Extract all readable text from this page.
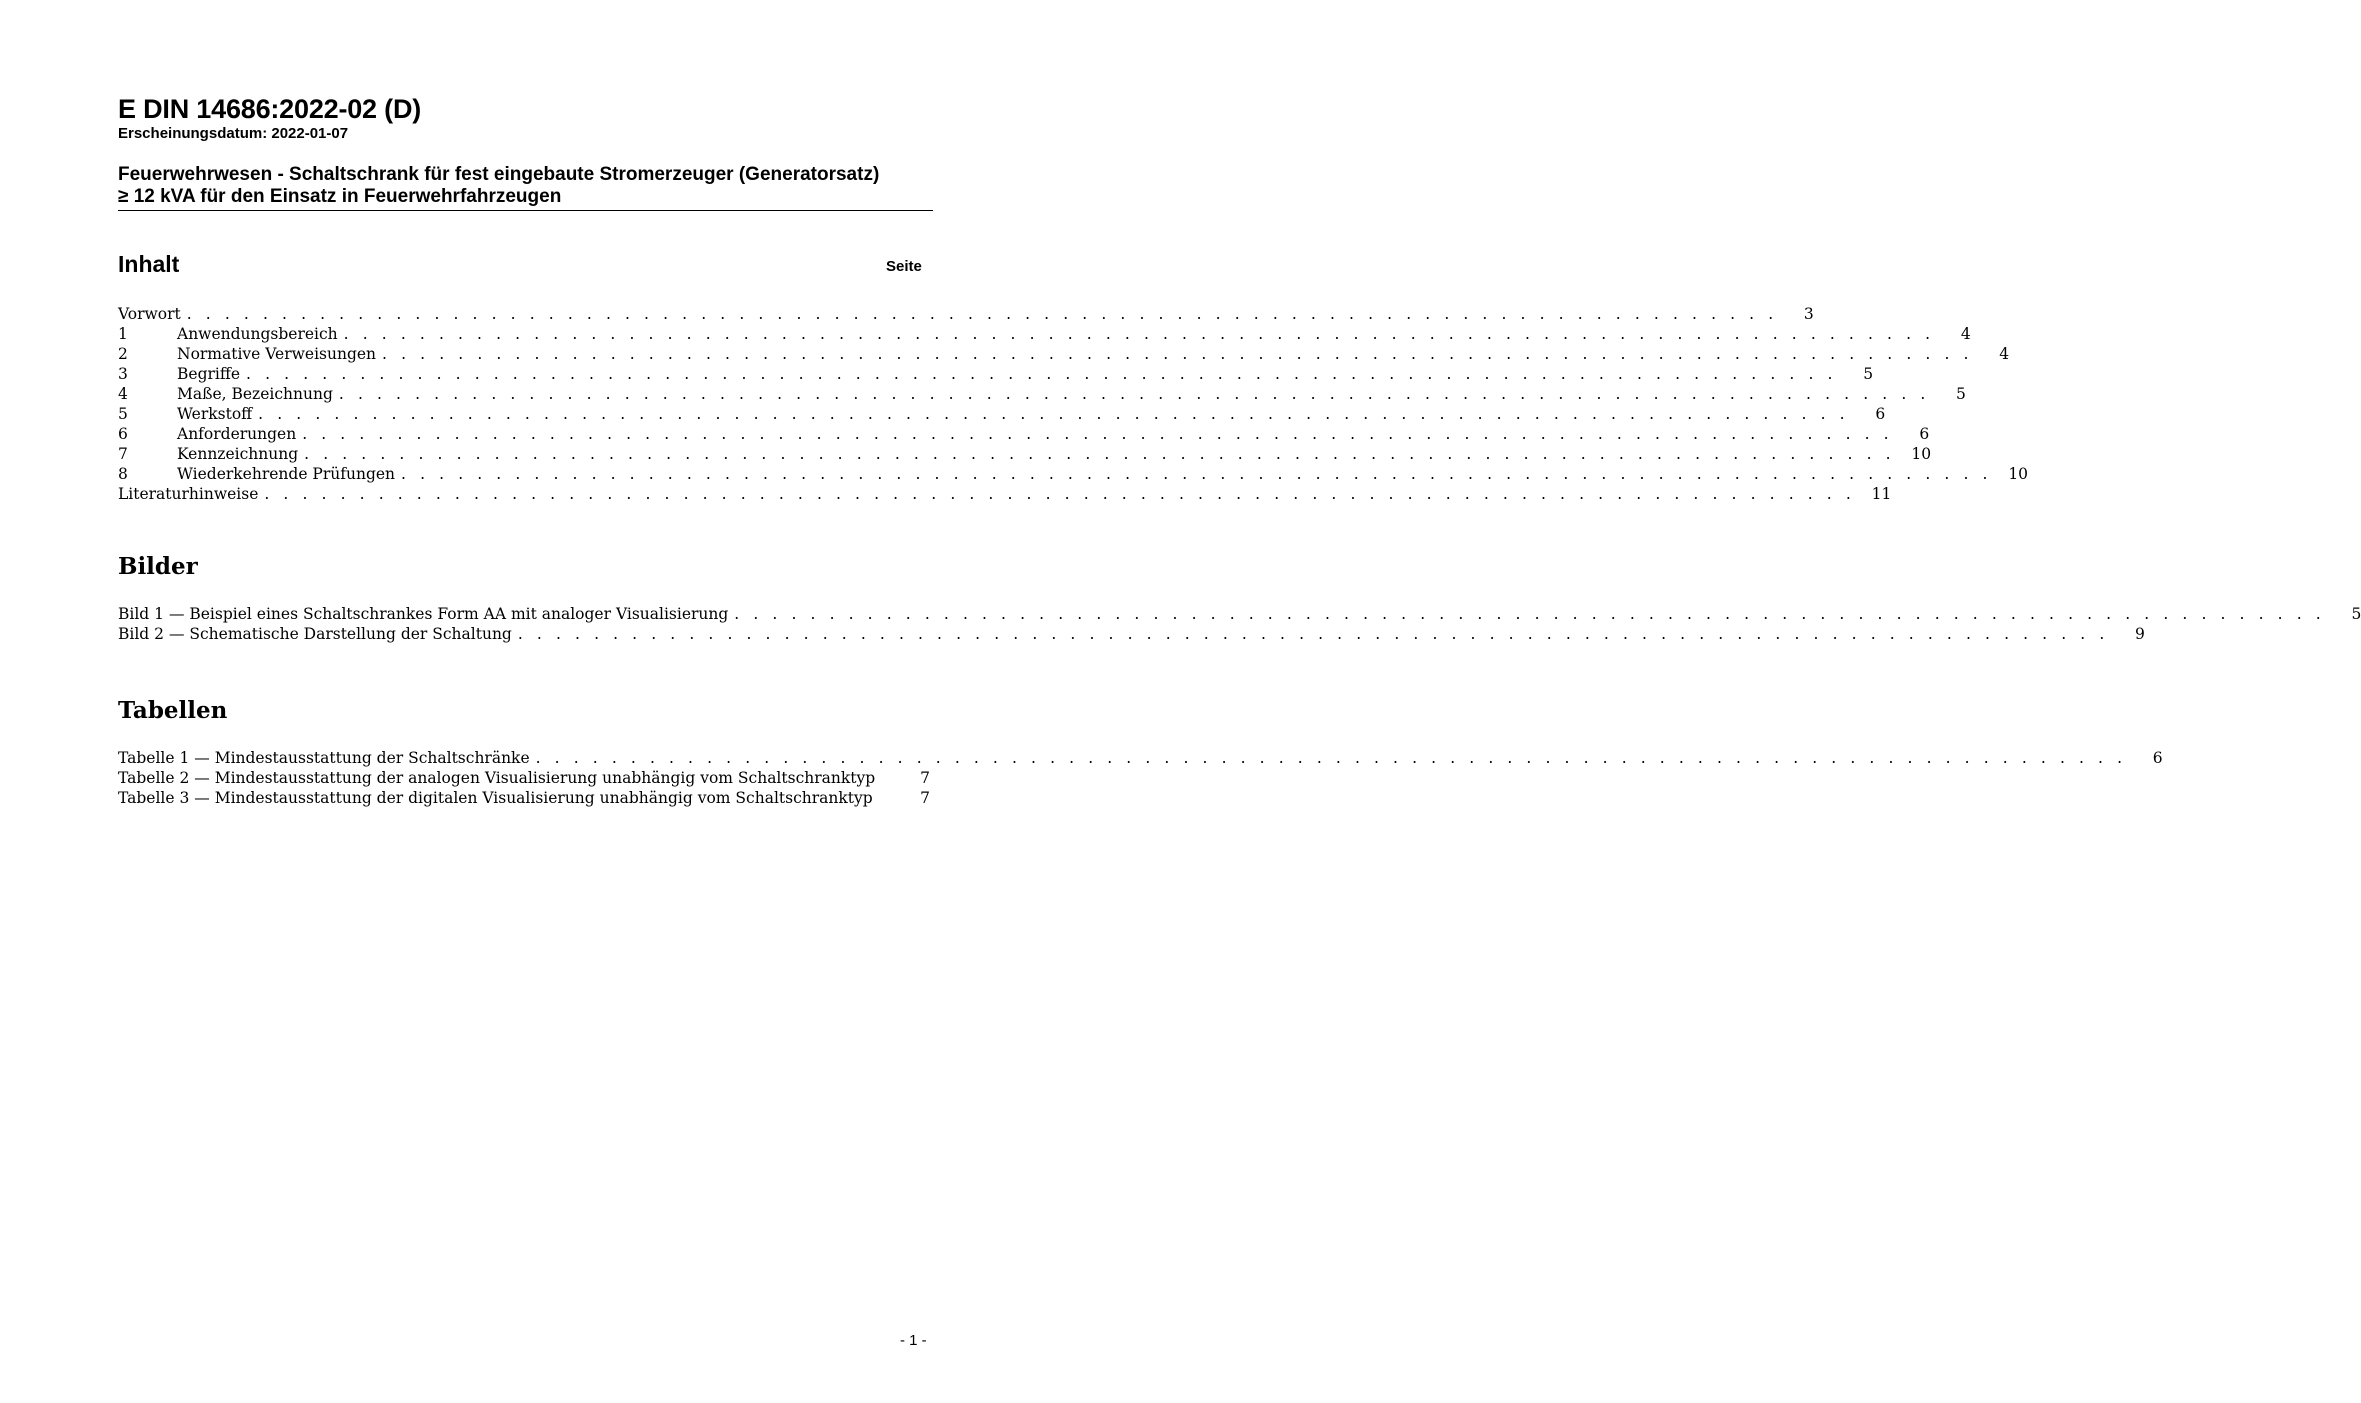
E DIN 14686:2022-02 (D)
Erscheinungsdatum: 2022-01-07
Feuerwehrwesen - Schaltschrank für fest eingebaute Stromerzeuger (Generatorsatz)
≥ 12 kVA für den Einsatz in Feuerwehrfahrzeugen
Inhalt	Seite
Vorwort . . . . . . . . . . . . . . . . . . . . . . . . . . . . . . . . . . . . . . . . . . . . . . . . . . . . . . . . . . . . . . . . . . . . . . . . . . . . . . . . . . . .	3
1	Anwendungsbereich . . . . . . . . . . . . . . . . . . . . . . . . . . . . . . . . . . . . . . . . . . . . . . . . . . . . . . . . . . . . . . . . . . . . . . . . . . . . . . . . . . . .	4
2	Normative Verweisungen . . . . . . . . . . . . . . . . . . . . . . . . . . . . . . . . . . . . . . . . . . . . . . . . . . . . . . . . . . . . . . . . . . . . . . . . . . . . . . . . . . . .	4
3	Begriffe . . . . . . . . . . . . . . . . . . . . . . . . . . . . . . . . . . . . . . . . . . . . . . . . . . . . . . . . . . . . . . . . . . . . . . . . . . . . . . . . . . . .	5
4	Maße, Bezeichnung . . . . . . . . . . . . . . . . . . . . . . . . . . . . . . . . . . . . . . . . . . . . . . . . . . . . . . . . . . . . . . . . . . . . . . . . . . . . . . . . . . . .	5
5	Werkstoff . . . . . . . . . . . . . . . . . . . . . . . . . . . . . . . . . . . . . . . . . . . . . . . . . . . . . . . . . . . . . . . . . . . . . . . . . . . . . . . . . . . .	6
6	Anforderungen . . . . . . . . . . . . . . . . . . . . . . . . . . . . . . . . . . . . . . . . . . . . . . . . . . . . . . . . . . . . . . . . . . . . . . . . . . . . . . . . . . . .	6
7	Kennzeichnung . . . . . . . . . . . . . . . . . . . . . . . . . . . . . . . . . . . . . . . . . . . . . . . . . . . . . . . . . . . . . . . . . . . . . . . . . . . . . . . . . . . .	10
8	Wiederkehrende Prüfungen . . . . . . . . . . . . . . . . . . . . . . . . . . . . . . . . . . . . . . . . . . . . . . . . . . . . . . . . . . . . . . . . . . . . . . . . . . . . . . . . . . . .	10
Literaturhinweise . . . . . . . . . . . . . . . . . . . . . . . . . . . . . . . . . . . . . . . . . . . . . . . . . . . . . . . . . . . . . . . . . . . . . . . . . . . . . . . . . . . .	11
Bilder
Bild 1 — Beispiel eines Schaltschrankes Form AA mit analoger Visualisierung . . . . . . . . . . . . . . . . . . . . . . . . . . . . . . . . . . . . . . . . . . . . . . . . . . . . . . . . . . . . . . . . . . . . . . . . . . . . . . . . . . . .	5
Bild 2 — Schematische Darstellung der Schaltung . . . . . . . . . . . . . . . . . . . . . . . . . . . . . . . . . . . . . . . . . . . . . . . . . . . . . . . . . . . . . . . . . . . . . . . . . . . . . . . . . . . .	9
Tabellen
Tabelle 1 — Mindestausstattung der Schaltschränke . . . . . . . . . . . . . . . . . . . . . . . . . . . . . . . . . . . . . . . . . . . . . . . . . . . . . . . . . . . . . . . . . . . . . . . . . . . . . . . . . . . .	6
Tabelle 2 — Mindestausstattung der analogen Visualisierung unabhängig vom Schaltschranktyp	7
Tabelle 3 — Mindestausstattung der digitalen Visualisierung unabhängig vom Schaltschranktyp	7
- 1 -
